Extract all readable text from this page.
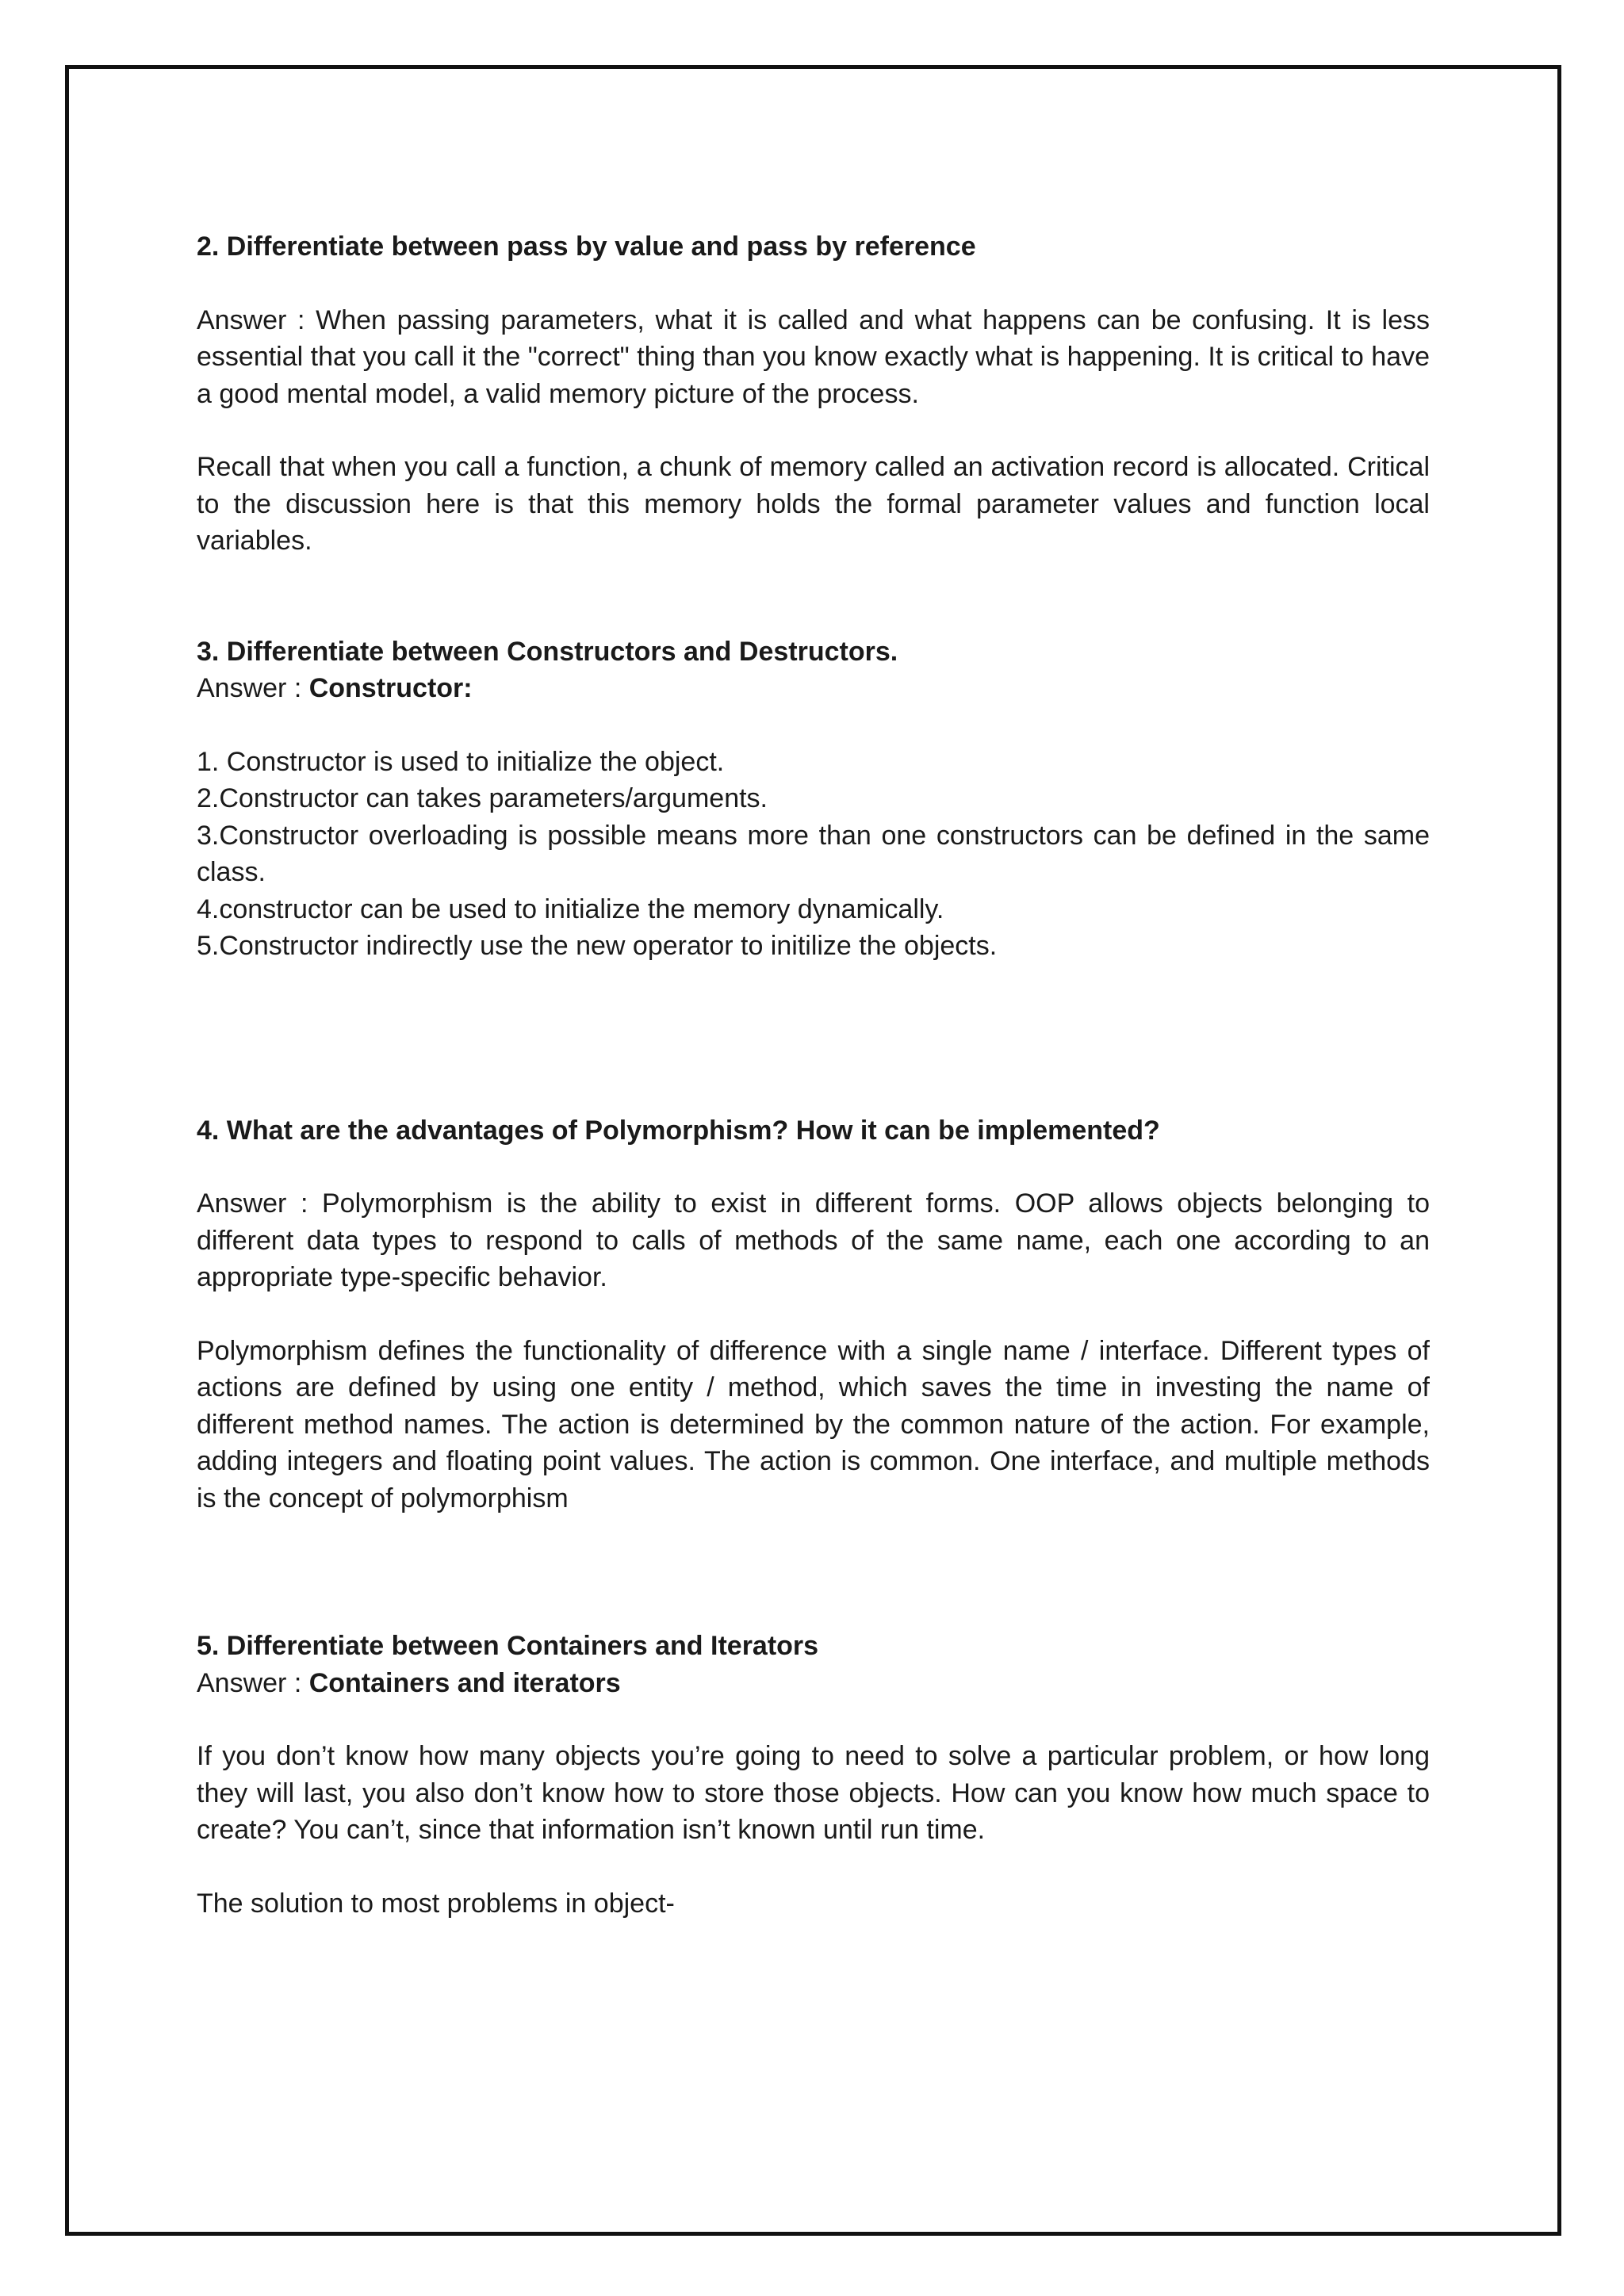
2. Differentiate between pass by value and pass by reference

Answer : When passing parameters, what it is called and what happens can be confusing. It is less essential that you call it the "correct" thing than you know exactly what is happening. It is critical to have a good mental model, a valid memory picture of the process.

Recall that when you call a function, a chunk of memory called an activation record is allocated. Critical to the discussion here is that this memory holds the formal parameter values and function local variables.

3. Differentiate between Constructors and Destructors.

Answer : Constructor:

1. Constructor is used to initialize the object.

2.Constructor can takes parameters/arguments.

3.Constructor overloading is possible means more than one constructors can be defined in the same class.

4.constructor can be used to initialize the memory dynamically.

5.Constructor indirectly use the new operator to initilize the objects.

4. What are the advantages of Polymorphism? How it can be implemented?

Answer : Polymorphism is the ability to exist in different forms. OOP allows objects belonging to different data types to respond to calls of methods of the same name, each one according to an appropriate type-specific behavior.

Polymorphism defines the functionality of difference with a single name / interface. Different types of actions are defined by using one entity / method, which saves the time in investing the name of different method names. The action is determined by the common nature of the action. For example, adding integers and floating point values. The action is common. One interface, and multiple methods is the concept of polymorphism

5. Differentiate between Containers and Iterators

Answer : Containers and iterators

If you don’t know how many objects you’re going to need to solve a particular problem, or how long they will last, you also don’t know how to store those objects. How can you know how much space to create? You can’t, since that information isn’t known until run time.

The solution to most problems in object-
